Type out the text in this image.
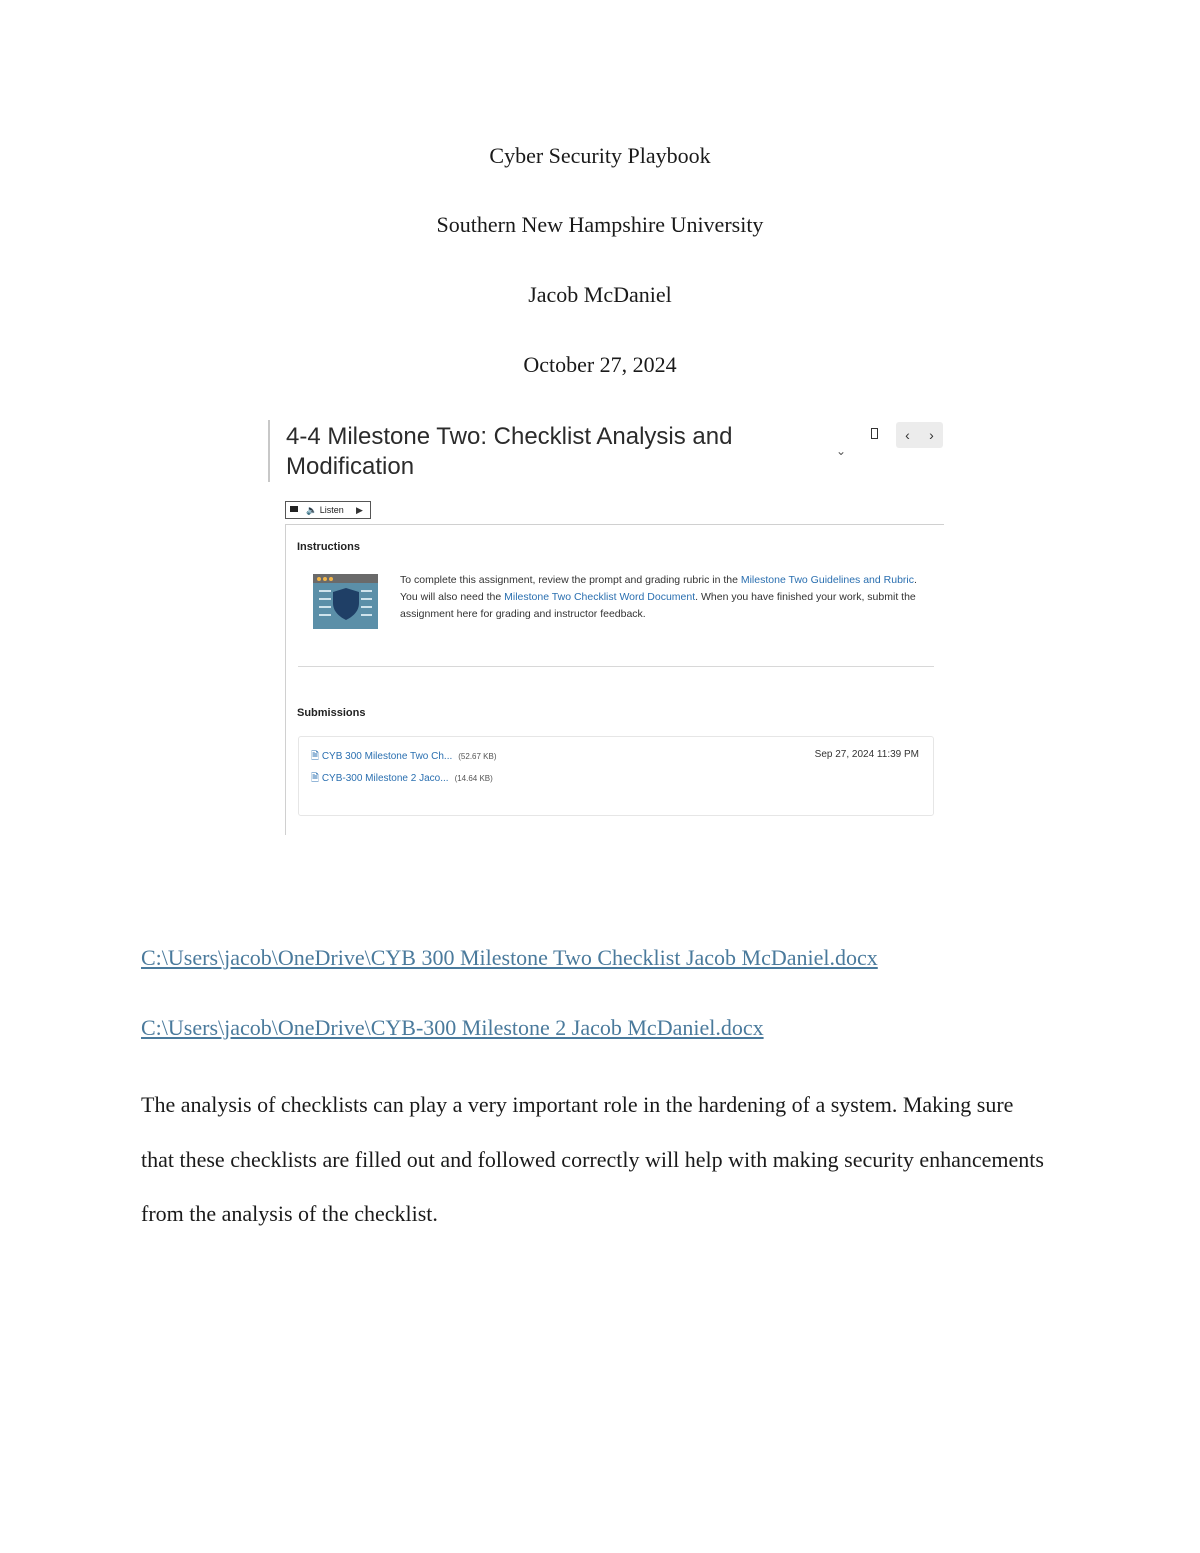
Cyber Security Playbook
Southern New Hampshire University
Jacob McDaniel
October 27, 2024
4-4 Milestone Two: Checklist Analysis and Modification
⌄
‹	›
🔈 Listen ▶
Instructions
To complete this assignment, review the prompt and grading rubric in the Milestone Two Guidelines and Rubric. You will also need the Milestone Two Checklist Word Document. When you have finished your work, submit the assignment here for grading and instructor feedback.
Submissions
🗎 CYB 300 Milestone Two Ch... (52.67 KB)
🗎 CYB-300 Milestone 2 Jaco... (14.64 KB)
Sep 27, 2024 11:39 PM
C:\Users\jacob\OneDrive\CYB 300 Milestone Two Checklist Jacob McDaniel.docx
C:\Users\jacob\OneDrive\CYB-300 Milestone 2 Jacob McDaniel.docx
The analysis of checklists can play a very important role in the hardening of a system. Making sure that these checklists are filled out and followed correctly will help with making security enhancements from the analysis of the checklist.
